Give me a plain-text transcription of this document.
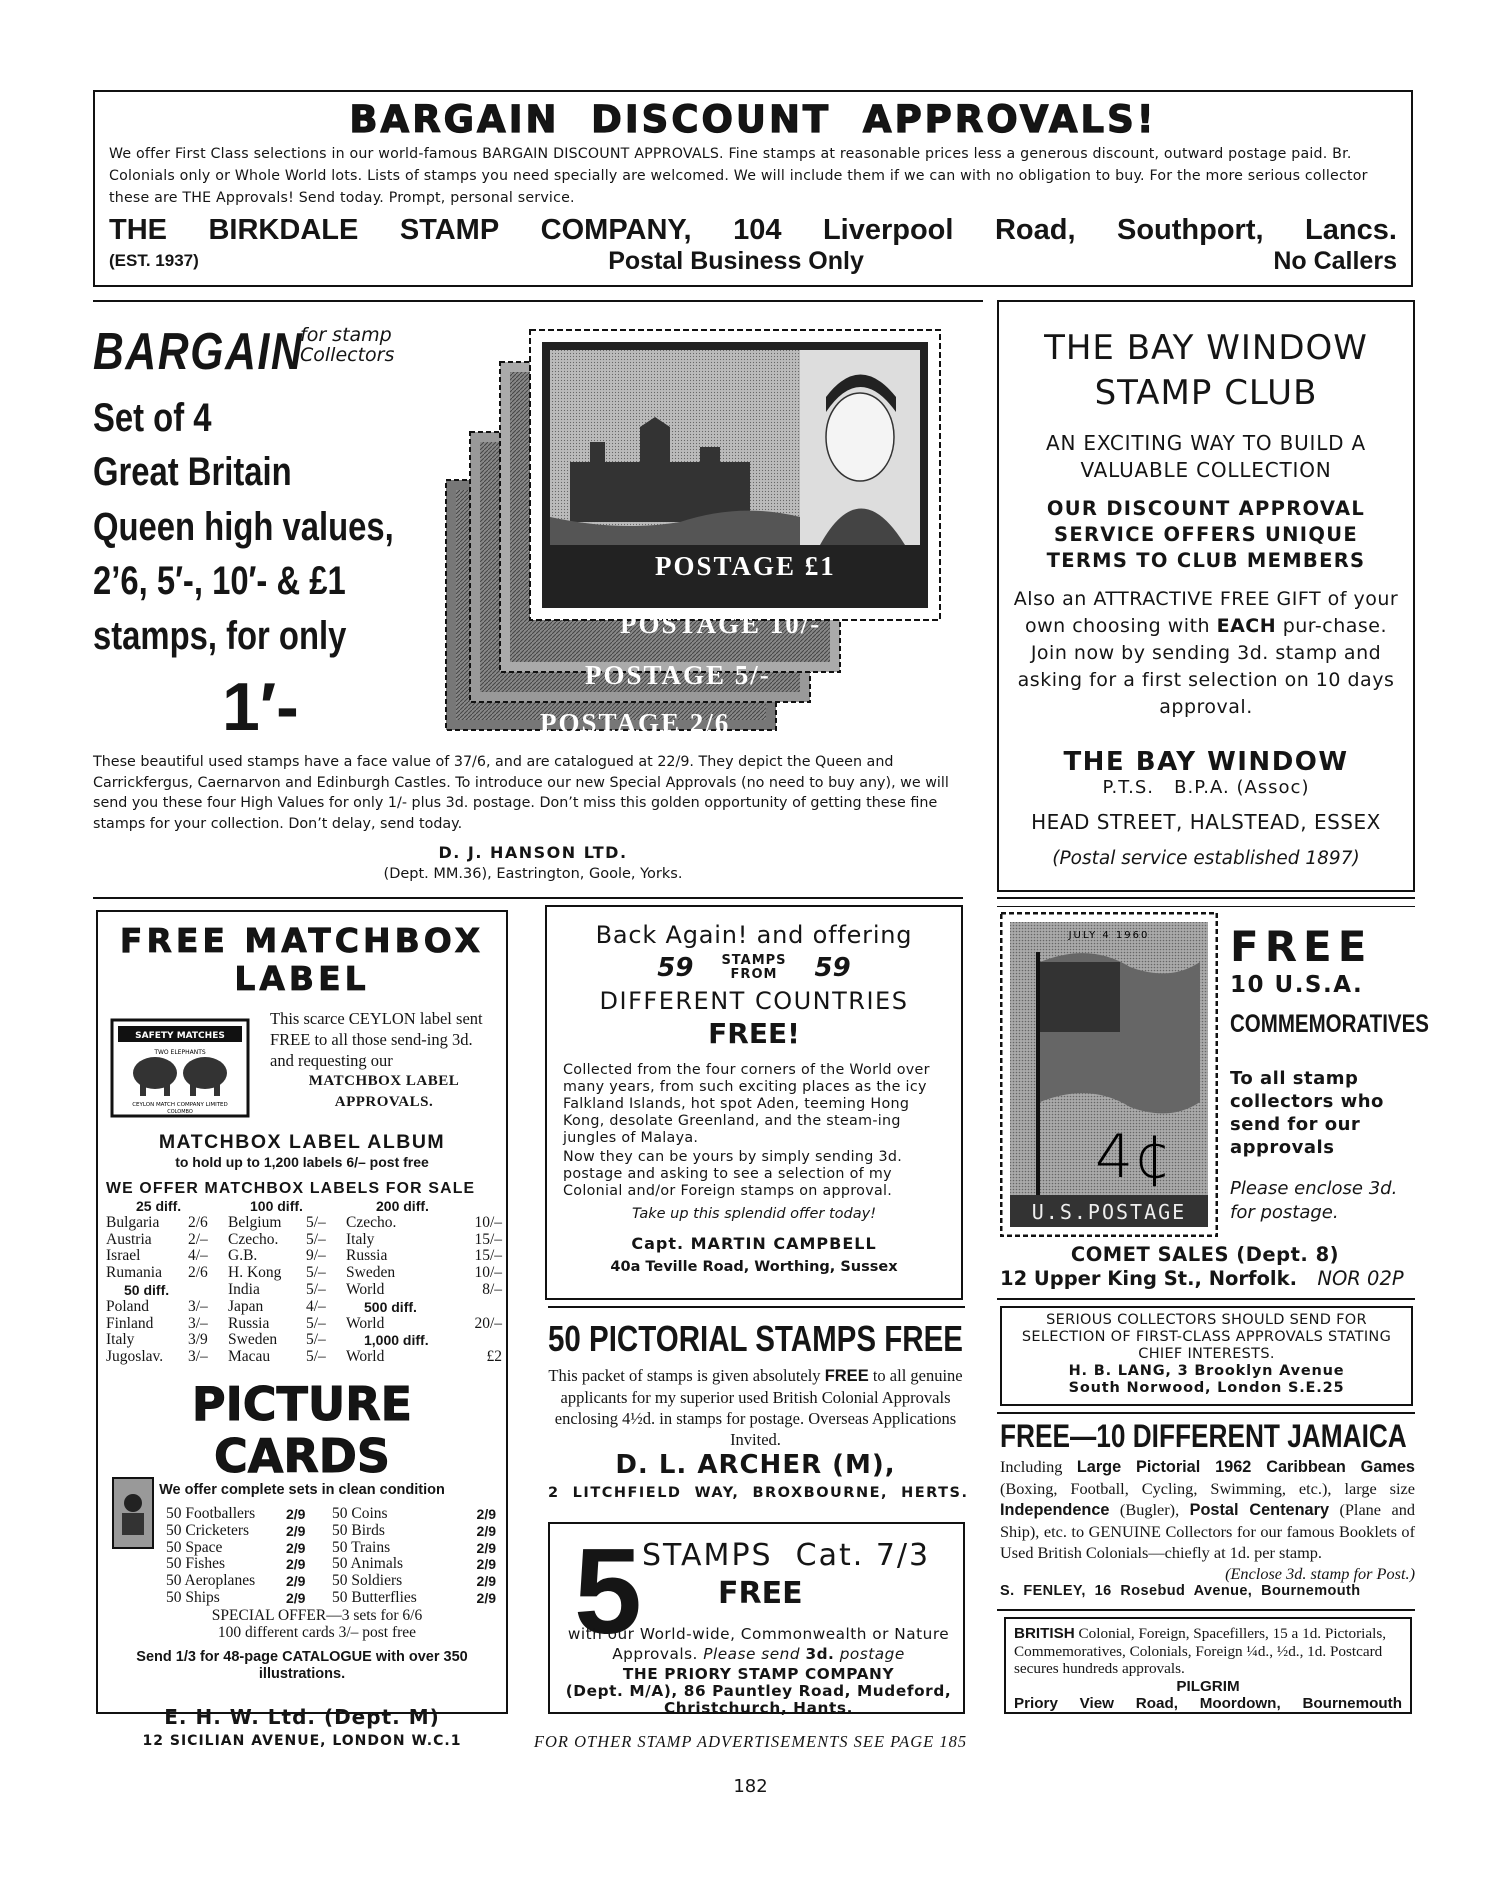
BARGAIN  DISCOUNT  APPROVALS!
We offer First Class selections in our world-famous BARGAIN DISCOUNT APPROVALS. Fine stamps at reasonable prices less a generous discount, outward postage paid. Br. Colonials only or Whole World lots. Lists of stamps you need specially are welcomed. We will include them if we can with no obligation to buy. For the more serious collector these are THE Approvals! Send today. Prompt, personal service.
THE BIRKDALE STAMP COMPANY, 104 Liverpool Road, Southport, Lancs.
(EST. 1937)	Postal Business Only	No Callers
BARGAIN
for stamp
Collectors
Set of 4
Great Britain
Queen high values,
2’6, 5′-, 10′- & £1
stamps, for only
1′-
POSTAGE £1
POSTAGE 10/-
POSTAGE 5/-
POSTAGE 2/6
These beautiful used stamps have a face value of 37/6, and are catalogued at 22/9. They depict the Queen and Carrickfergus, Caernarvon and Edinburgh Castles. To introduce our new Special Approvals (no need to buy any), we will send you these four High Values for only 1/- plus 3d. postage. Don’t miss this golden opportunity of getting these fine stamps for your collection. Don’t delay, send today.
D. J. HANSON LTD.
(Dept. MM.36), Eastrington, Goole, Yorks.
THE BAY WINDOW
STAMP CLUB
AN EXCITING WAY TO BUILD A VALUABLE COLLECTION
OUR DISCOUNT APPROVAL SERVICE OFFERS UNIQUE TERMS TO CLUB MEMBERS
Also an ATTRACTIVE FREE GIFT of your own choosing with EACH pur-chase. Join now by sending 3d. stamp and asking for a first selection on 10 days approval.
THE BAY WINDOW
P.T.S.   B.P.A. (Assoc)
HEAD STREET, HALSTEAD, ESSEX
(Postal service established 1897)
FREE MATCHBOX
LABEL
SAFETY MATCHES
TWO ELEPHANTS
CEYLON MATCH COMPANY LIMITED
COLOMBO
This scarce CEYLON label sent FREE to all those send-ing 3d. and requesting our
MATCHBOX LABEL APPROVALS.
MATCHBOX LABEL ALBUM
to hold up to 1,200 labels 6/– post free
WE OFFER MATCHBOX LABELS FOR SALE
25 diff.		100 diff.		200 diff.	
Bulgaria	2/6	Belgium	5/–	Czecho.	10/–
Austria	2/–	Czecho.	5/–	Italy	15/–
Israel	4/–	G.B.	9/–	Russia	15/–
Rumania	2/6	H. Kong	5/–	Sweden	10/–
50 diff.		India	5/–	World	8/–
Poland	3/–	Japan	4/–	500 diff.	
Finland	3/–	Russia	5/–	World	20/–
Italy	3/9	Sweden	5/–	1,000 diff.	
Jugoslav.	3/–	Macau	5/–	World	£2
PICTURE CARDS
We offer complete sets in clean condition
50 Footballers	2/9	50 Coins	2/9
50 Cricketers	2/9	50 Birds	2/9
50 Space	2/9	50 Trains	2/9
50 Fishes	2/9	50 Animals	2/9
50 Aeroplanes	2/9	50 Soldiers	2/9
50 Ships	2/9	50 Butterflies	2/9
SPECIAL OFFER—3 sets for 6/6
100 different cards 3/– post free
Send 1/3 for 48-page CATALOGUE with over 350 illustrations.
E. H. W. Ltd. (Dept. M)
12 SICILIAN AVENUE, LONDON W.C.1
Back Again! and offering
59 STAMPS
FROM	59
DIFFERENT COUNTRIES
FREE!
Collected from the four corners of the World over many years, from such exciting places as the icy Falkland Islands, hot spot Aden, teeming Hong Kong, desolate Greenland, and the steam-ing jungles of Malaya.
Now they can be yours by simply sending 3d. postage and asking to see a selection of my Colonial and/or Foreign stamps on approval.
Take up this splendid offer today!
Capt. MARTIN CAMPBELL
40a Teville Road, Worthing, Sussex
50 PICTORIAL STAMPS FREE
This packet of stamps is given absolutely FREE to all genuine applicants for my superior used British Colonial Approvals enclosing 4½d. in stamps for postage. Overseas Applications Invited.
D. L. ARCHER (M),
2  LITCHFIELD  WAY,  BROXBOURNE,  HERTS.
5 STAMPS  Cat. 7/3
FREE
with our World-wide, Commonwealth or Nature Approvals. Please send 3d. postage
THE PRIORY STAMP COMPANY
(Dept. M/A), 86 Pauntley Road, Mudeford, Christchurch, Hants.
JULY 4 1960
4¢
U.S.POSTAGE
FREE
10 U.S.A.
COMMEMORATIVES
To all stamp collectors who send for our approvals
Please enclose 3d. for postage.
COMET SALES (Dept. 8)
12 Upper King St., Norfolk. NOR 02P
SERIOUS COLLECTORS SHOULD SEND FOR SELECTION OF FIRST-CLASS APPROVALS STATING CHIEF INTERESTS.
H. B. LANG, 3 Brooklyn Avenue
South Norwood, London S.E.25
FREE—10 DIFFERENT JAMAICA
Including Large Pictorial 1962 Caribbean Games (Boxing, Football, Cycling, Swimming, etc.), large size Independence (Bugler), Postal Centenary (Plane and Ship), etc. to GENUINE Collectors for our famous Booklets of Used British Colonials—chiefly at 1d. per stamp.
(Enclose 3d. stamp for Post.)
S.  FENLEY,  16  Rosebud  Avenue,  Bournemouth
BRITISH Colonial, Foreign, Spacefillers, 15 a 1d. Pictorials, Commemoratives, Colonials, Foreign ¼d., ½d., 1d. Postcard secures hundreds approvals.
PILGRIM
Priory View Road, Moordown, Bournemouth
FOR OTHER STAMP ADVERTISEMENTS SEE PAGE 185
182
